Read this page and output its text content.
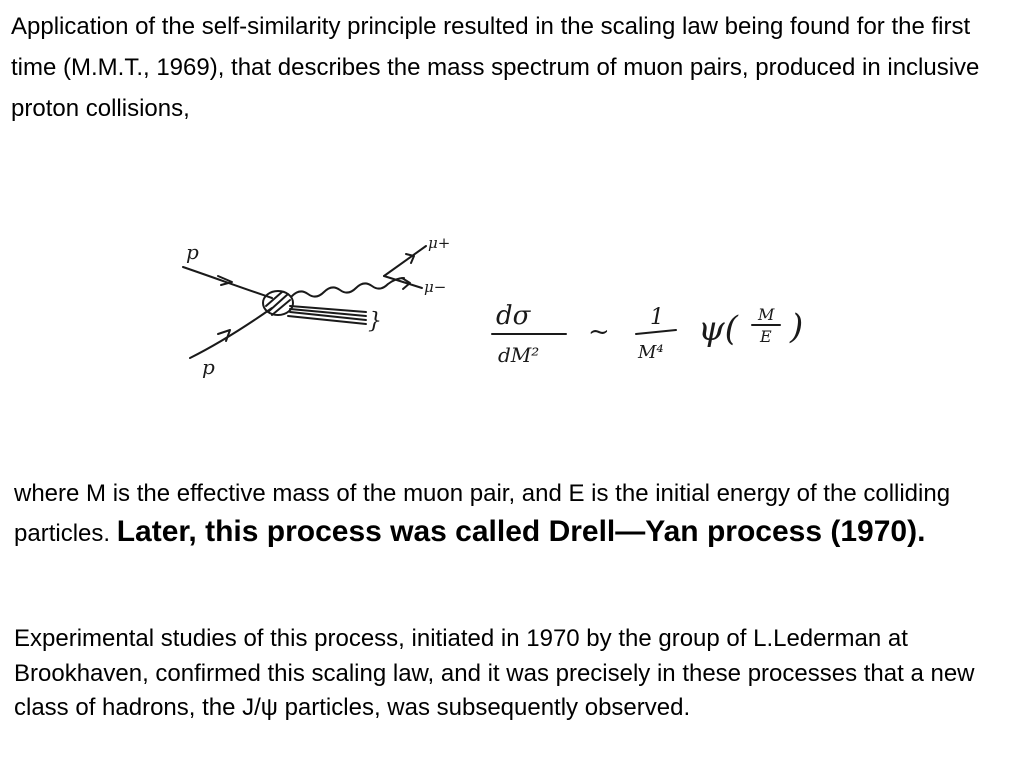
Application of the self-similarity principle resulted in the scaling law being found for the first time (M.M.T., 1969), that describes the mass spectrum of muon pairs, produced in inclusive proton collisions,

p
p
μ+
μ−
}	dσ
dM²
~ 1
M⁴
ψ( M
E )

where M is the effective mass of the muon pair, and E is the initial energy of the colliding particles. Later, this process was called Drell—Yan process (1970).

Experimental studies of this process, initiated in 1970 by the group of L.Lederman at Brookhaven, confirmed this scaling law, and it was precisely in these processes that a new class of hadrons, the J/ψ particles, was subsequently observed.
